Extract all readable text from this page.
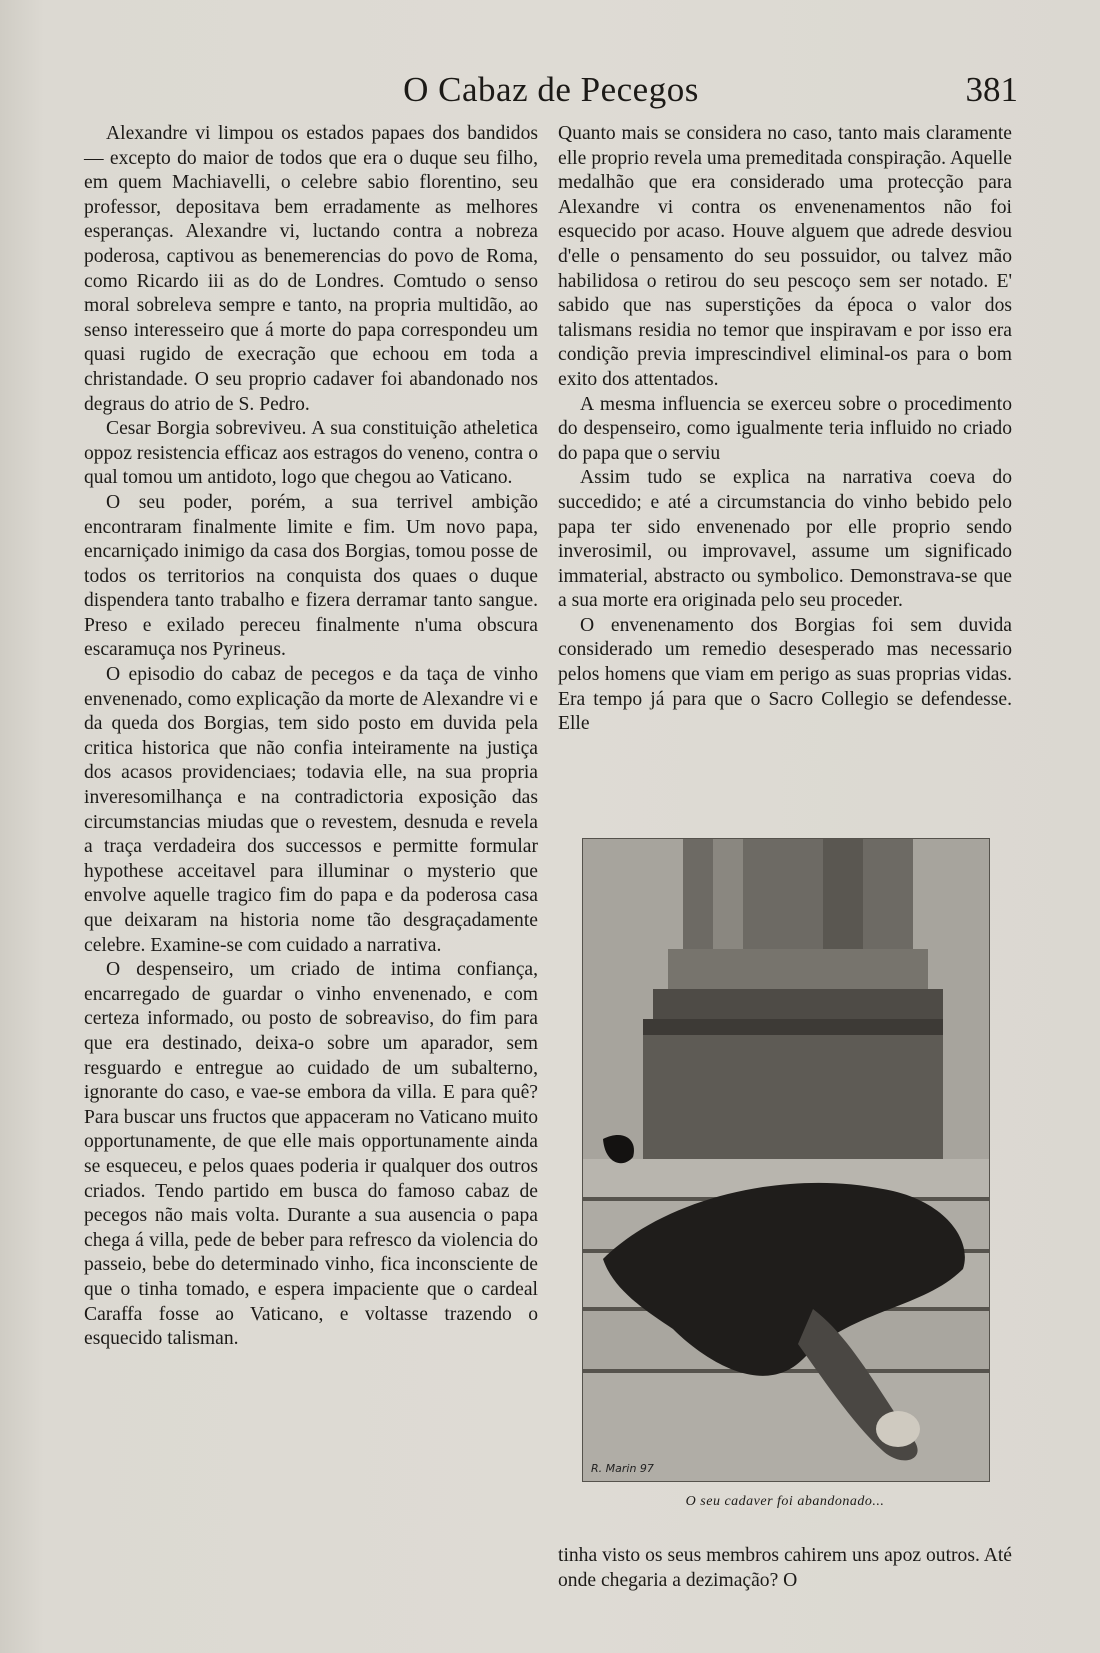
O Cabaz de Pecegos	381

Alexandre vi limpou os estados papaes dos bandidos — excepto do maior de todos que era o duque seu filho, em quem Machiavelli, o celebre sabio florentino, seu professor, depositava bem erradamente as melhores esperanças. Alexandre vi, luctando contra a nobreza poderosa, captivou as benemerencias do povo de Roma, como Ricardo iii as do de Londres. Comtudo o senso moral sobreleva sempre e tanto, na propria multidão, ao senso interesseiro que á morte do papa correspondeu um quasi rugido de execração que echoou em toda a christandade. O seu proprio cadaver foi abandonado nos degraus do atrio de S. Pedro.

Cesar Borgia sobreviveu. A sua constituição atheletica oppoz resistencia efficaz aos estragos do veneno, contra o qual tomou um antidoto, logo que chegou ao Vaticano.

O seu poder, porém, a sua terrivel ambição encontraram finalmente limite e fim. Um novo papa, encarniçado inimigo da casa dos Borgias, tomou posse de todos os territorios na conquista dos quaes o duque dispendera tanto trabalho e fizera derramar tanto sangue. Preso e exilado pereceu finalmente n'uma obscura escaramuça nos Pyrineus.

O episodio do cabaz de pecegos e da taça de vinho envenenado, como explicação da morte de Alexandre vi e da queda dos Borgias, tem sido posto em duvida pela critica historica que não confia inteiramente na justiça dos acasos providenciaes; todavia elle, na sua propria inveresomilhança e na contradictoria exposição das circumstancias miudas que o revestem, desnuda e revela a traça verdadeira dos successos e permitte formular hypothese acceitavel para illuminar o mysterio que envolve aquelle tragico fim do papa e da poderosa casa que deixaram na historia nome tão desgraçadamente celebre. Examine-se com cuidado a narrativa.

O despenseiro, um criado de intima confiança, encarregado de guardar o vinho envenenado, e com certeza informado, ou posto de sobreaviso, do fim para que era destinado, deixa-o sobre um aparador, sem resguardo e entregue ao cuidado de um subalterno, ignorante do caso, e vae-se embora da villa. E para quê? Para buscar uns fructos que appaceram no Vaticano muito opportunamente, de que elle mais opportunamente ainda se esqueceu, e pelos quaes poderia ir qualquer dos outros criados. Tendo partido em busca do famoso cabaz de pecegos não mais volta. Durante a sua ausencia o papa chega á villa, pede de beber para refresco da violencia do passeio, bebe do determinado vinho, fica inconsciente de que o tinha tomado, e espera impaciente que o cardeal Caraffa fosse ao Vaticano, e voltasse trazendo o esquecido talisman.

Quanto mais se considera no caso, tanto mais claramente elle proprio revela uma premeditada conspiração. Aquelle medalhão que era considerado uma protecção para Alexandre vi contra os envenenamentos não foi esquecido por acaso. Houve alguem que adrede desviou d'elle o pensamento do seu possuidor, ou talvez mão habilidosa o retirou do seu pescoço sem ser notado. E' sabido que nas superstições da época o valor dos talismans residia no temor que inspiravam e por isso era condição previa imprescindivel eliminal-os para o bom exito dos attentados.

A mesma influencia se exerceu sobre o procedimento do despenseiro, como igualmente teria influido no criado do papa que o serviu

Assim tudo se explica na narrativa coeva do succedido; e até a circumstancia do vinho bebido pelo papa ter sido envenenado por elle proprio sendo inverosimil, ou improvavel, assume um significado immaterial, abstracto ou symbolico. Demonstrava-se que a sua morte era originada pelo seu proceder.

O envenenamento dos Borgias foi sem duvida considerado um remedio desesperado mas necessario pelos homens que viam em perigo as suas proprias vidas. Era tempo já para que o Sacro Collegio se defendesse. Elle

R. Marin 97
O seu cadaver foi abandonado...

tinha visto os seus membros cahirem uns apoz outros. Até onde chegaria a dezimação? O
